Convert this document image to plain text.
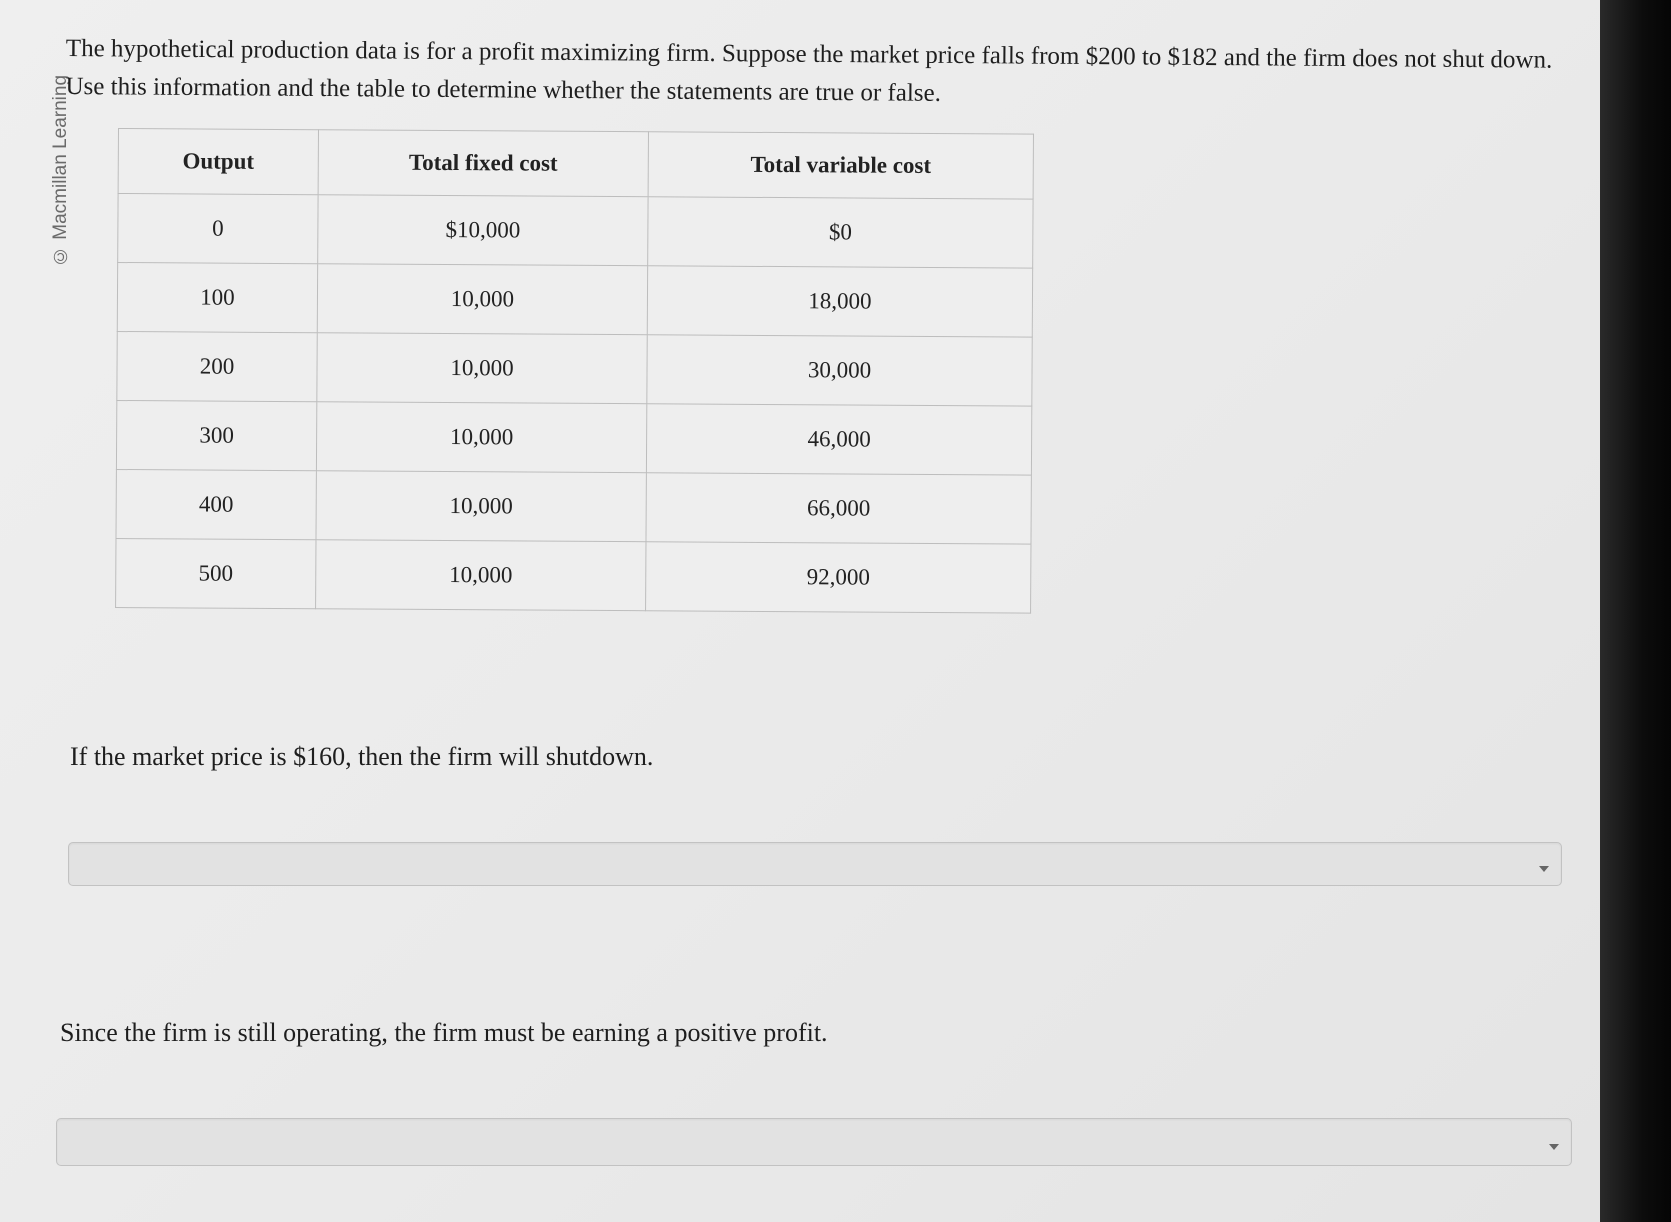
© Macmillan Learning
The hypothetical production data is for a profit maximizing firm. Suppose the market price falls from $200 to $182 and the firm does not shut down. Use this information and the table to determine whether the statements are true or false.
Output	Total fixed cost	Total variable cost
0	$10,000	$0
100	10,000	18,000
200	10,000	30,000
300	10,000	46,000
400	10,000	66,000
500	10,000	92,000
If the market price is $160, then the firm will shutdown.
Since the firm is still operating, the firm must be earning a positive profit.
